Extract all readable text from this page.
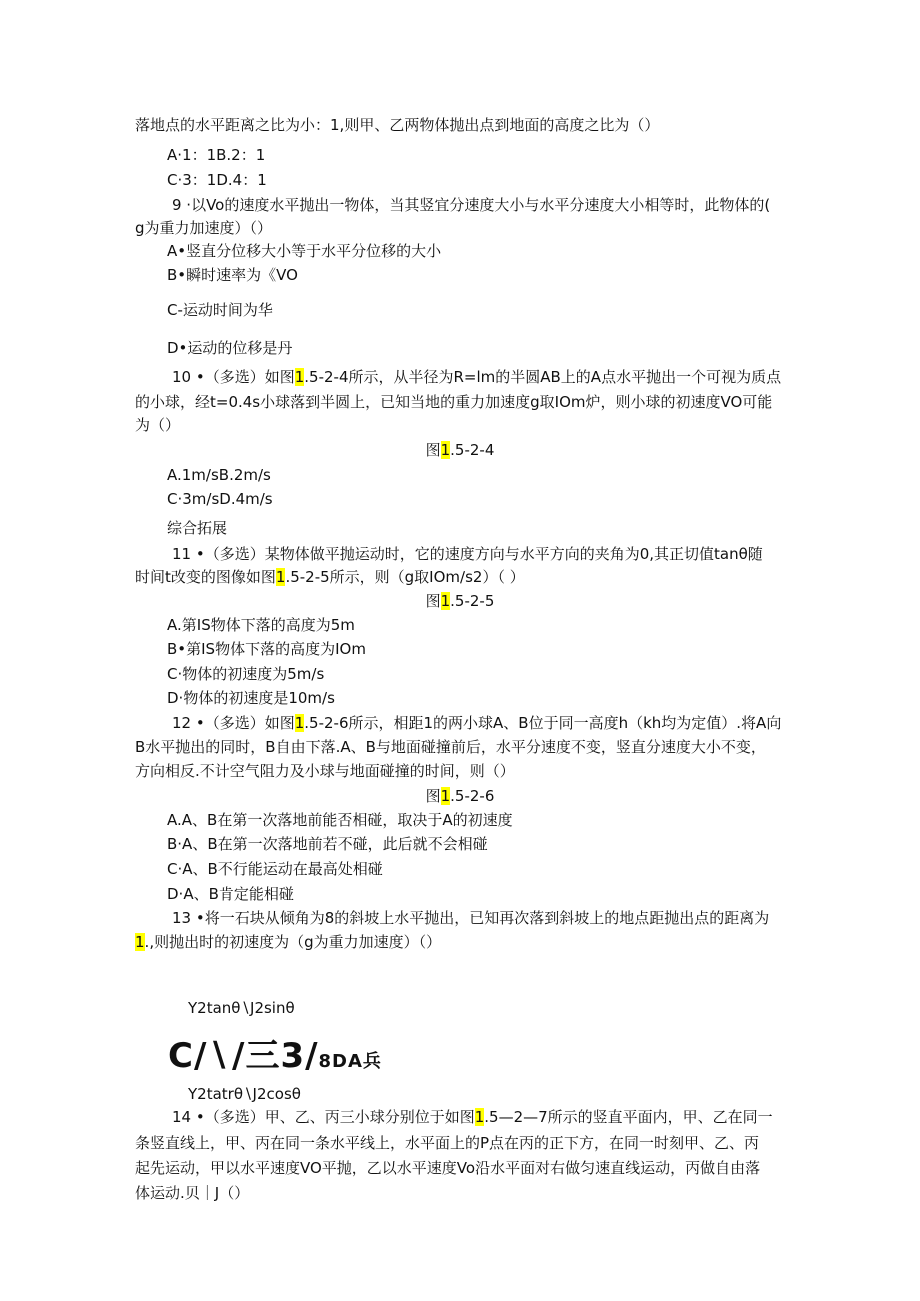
落地点的水平距离之比为小：1,则甲、乙两物体抛出点到地面的高度之比为（）
A·1：1B.2：1
C·3：1D.4：1
9 ·以Vo的速度水平抛出一物体，当其竖宜分速度大小与水平分速度大小相等时，此物体的(
g为重力加速度）（）
A•竖直分位移大小等于水平分位移的大小
B•瞬时速率为《VO
C-运动时间为华
D•运动的位移是丹
10 •（多选）如图1.5-2-4所示，从半径为R=lm的半圆AB上的A点水平抛出一个可视为质点
的小球，经t=0.4s小球落到半圆上，已知当地的重力加速度g取IOm炉，则小球的初速度VO可能
为（）
图1.5-2-4
A.1m/sB.2m/s
C·3m/sD.4m/s
综合拓展
11 •（多选）某物体做平抛运动时，它的速度方向与水平方向的夹角为0,其正切值tanθ随
时间t改变的图像如图1.5-2-5所示，则（g取IOm∕s2）（ ）
图1.5-2-5
A.第IS物体下落的高度为5m
B•第IS物体下落的高度为IOm
C·物体的初速度为5m/s
D·物体的初速度是10m/s
12 •（多选）如图1.5-2-6所示，相距1的两小球A、B位于同一高度h（kh均为定值）.将A向
B水平抛出的同时，B自由下落.A、B与地面碰撞前后，水平分速度不变，竖直分速度大小不变，
方向相反.不计空气阻力及小球与地面碰撞的时间，则（）
图1.5-2-6
A.A、B在第一次落地前能否相碰，取决于A的初速度
B·A、B在第一次落地前若不碰，此后就不会相碰
C·A、B不行能运动在最高处相碰
D·A、B肯定能相碰
13 •将一石块从倾角为8的斜坡上水平抛出，已知再次落到斜坡上的地点距抛出点的距离为
1.,则抛出时的初速度为（g为重力加速度）（）
Y2tanθ∖J2sinθ
C/∖/三3/8DA兵
Y2tatrθ∖J2cosθ
14 •（多选）甲、乙、丙三小球分别位于如图1.5—2—7所示的竖直平面内，甲、乙在同一
条竖直线上，甲、丙在同一条水平线上，水平面上的P点在丙的正下方，在同一时刻甲、乙、丙
起先运动，甲以水平速度VO平抛，乙以水平速度Vo沿水平面对右做匀速直线运动，丙做自由落
体运动.贝｜J（）
